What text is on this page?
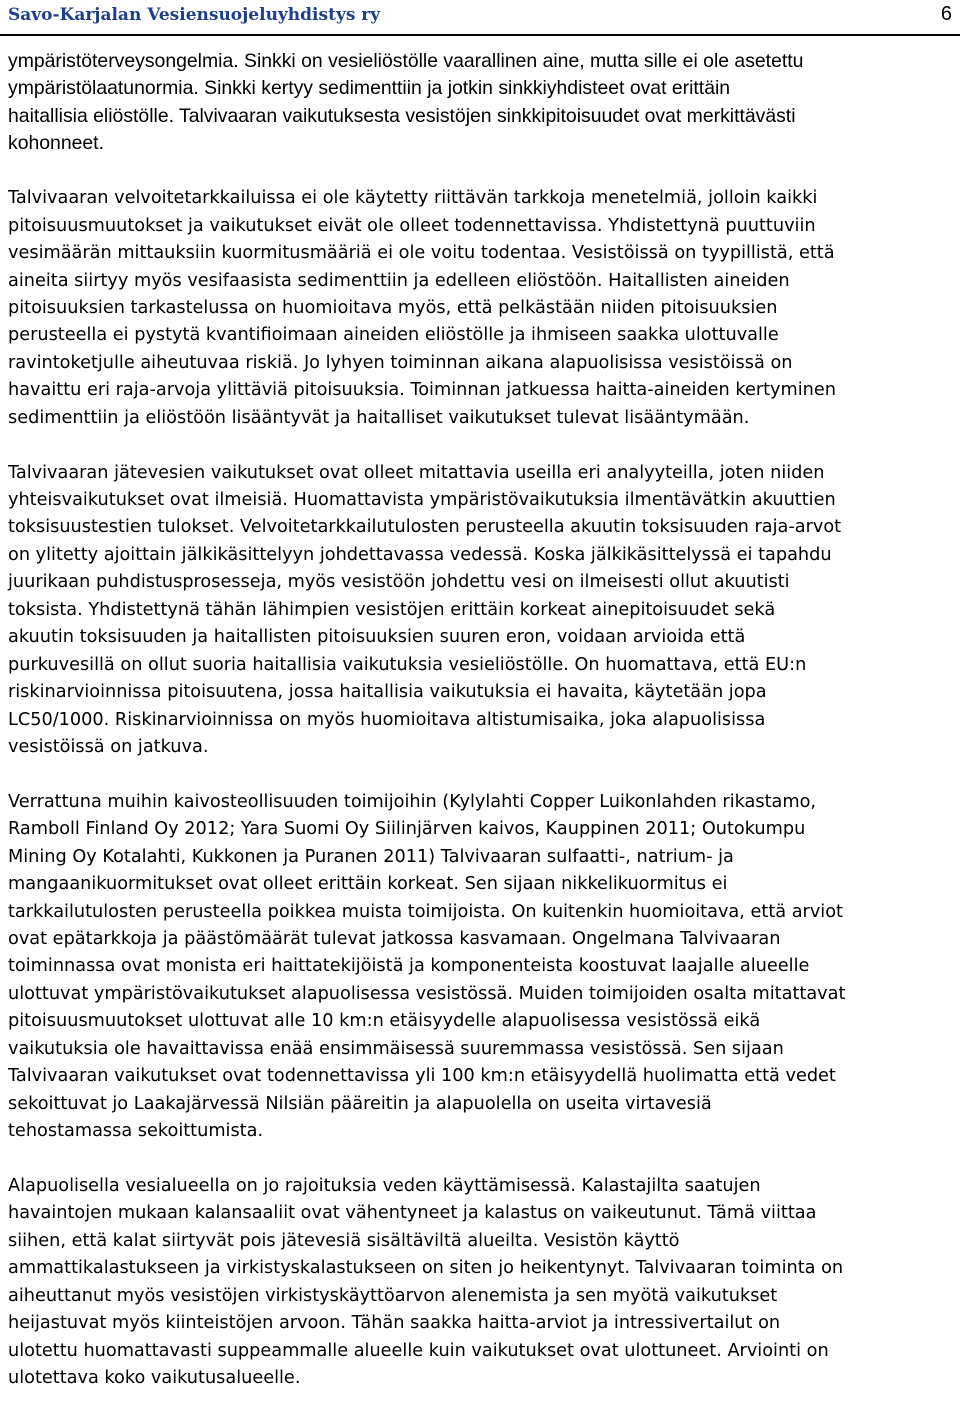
Savo-Karjalan Vesiensuojeluyhdistys ry	6

ympäristöterveysongelmia. Sinkki on vesieliöstölle vaarallinen aine, mutta sille ei ole asetettu
ympäristölaatunormia. Sinkki kertyy sedimenttiin ja jotkin sinkkiyhdisteet ovat erittäin
haitallisia eliöstölle. Talvivaaran vaikutuksesta vesistöjen sinkkipitoisuudet ovat merkittävästi
kohonneet.

Talvivaaran velvoitetarkkailuissa ei ole käytetty riittävän tarkkoja menetelmiä, jolloin kaikki
pitoisuusmuutokset ja vaikutukset eivät ole olleet todennettavissa. Yhdistettynä puuttuviin
vesimäärän mittauksiin kuormitusmääriä ei ole voitu todentaa. Vesistöissä on tyypillistä, että
aineita siirtyy myös vesifaasista sedimenttiin ja edelleen eliöstöön. Haitallisten aineiden
pitoisuuksien tarkastelussa on huomioitava myös, että pelkästään niiden pitoisuuksien
perusteella ei pystytä kvantifioimaan aineiden eliöstölle ja ihmiseen saakka ulottuvalle
ravintoketjulle aiheutuvaa riskiä. Jo lyhyen toiminnan aikana alapuolisissa vesistöissä on
havaittu eri raja-arvoja ylittäviä pitoisuuksia. Toiminnan jatkuessa haitta-aineiden kertyminen
sedimenttiin ja eliöstöön lisääntyvät ja haitalliset vaikutukset tulevat lisääntymään.

Talvivaaran jätevesien vaikutukset ovat olleet mitattavia useilla eri analyyteilla, joten niiden
yhteisvaikutukset ovat ilmeisiä. Huomattavista ympäristövaikutuksia ilmentävätkin akuuttien
toksisuustestien tulokset. Velvoitetarkkailutulosten perusteella akuutin toksisuuden raja-arvot
on ylitetty ajoittain jälkikäsittelyyn johdettavassa vedessä. Koska jälkikäsittelyssä ei tapahdu
juurikaan puhdistusprosesseja, myös vesistöön johdettu vesi on ilmeisesti ollut akuutisti
toksista. Yhdistettynä tähän lähimpien vesistöjen erittäin korkeat ainepitoisuudet sekä
akuutin toksisuuden ja haitallisten pitoisuuksien suuren eron, voidaan arvioida että
purkuvesillä on ollut suoria haitallisia vaikutuksia vesieliöstölle. On huomattava, että EU:n
riskinarvioinnissa pitoisuutena, jossa haitallisia vaikutuksia ei havaita, käytetään jopa
LC50/1000. Riskinarvioinnissa on myös huomioitava altistumisaika, joka alapuolisissa
vesistöissä on jatkuva.

Verrattuna muihin kaivosteollisuuden toimijoihin (Kylylahti Copper Luikonlahden rikastamo,
Ramboll Finland Oy 2012; Yara Suomi Oy Siilinjärven kaivos, Kauppinen 2011; Outokumpu
Mining Oy Kotalahti, Kukkonen ja Puranen 2011) Talvivaaran sulfaatti-, natrium- ja
mangaanikuormitukset ovat olleet erittäin korkeat. Sen sijaan nikkelikuormitus ei
tarkkailutulosten perusteella poikkea muista toimijoista. On kuitenkin huomioitava, että arviot
ovat epätarkkoja ja päästömäärät tulevat jatkossa kasvamaan. Ongelmana Talvivaaran
toiminnassa ovat monista eri haittatekijöistä ja komponenteista koostuvat laajalle alueelle
ulottuvat ympäristövaikutukset alapuolisessa vesistössä. Muiden toimijoiden osalta mitattavat
pitoisuusmuutokset ulottuvat alle 10 km:n etäisyydelle alapuolisessa vesistössä eikä
vaikutuksia ole havaittavissa enää ensimmäisessä suuremmassa vesistössä. Sen sijaan
Talvivaaran vaikutukset ovat todennettavissa yli 100 km:n etäisyydellä huolimatta että vedet
sekoittuvat jo Laakajärvessä Nilsiän pääreitin ja alapuolella on useita virtavesiä
tehostamassa sekoittumista.

Alapuolisella vesialueella on jo rajoituksia veden käyttämisessä. Kalastajilta saatujen
havaintojen mukaan kalansaaliit ovat vähentyneet ja kalastus on vaikeutunut. Tämä viittaa
siihen, että kalat siirtyvät pois jätevesiä sisältäviltä alueilta. Vesistön käyttö
ammattikalastukseen ja virkistyskalastukseen on siten jo heikentynyt. Talvivaaran toiminta on
aiheuttanut myös vesistöjen virkistyskäyttöarvon alenemista ja sen myötä vaikutukset
heijastuvat myös kiinteistöjen arvoon. Tähän saakka haitta-arviot ja intressivertailut on
ulotettu huomattavasti suppeammalle alueelle kuin vaikutukset ovat ulottuneet. Arviointi on
ulotettava koko vaikutusalueelle.
